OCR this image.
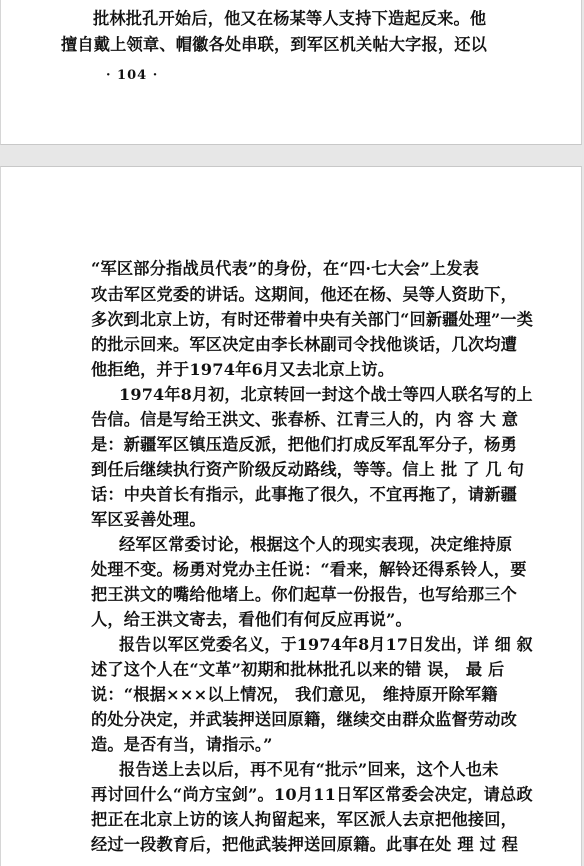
批林批孔开始后，他又在杨某等人支持下造起反来。他
擅自戴上领章、帽徽各处串联，到军区机关帖大字报，还以
· 104 ·
“军区部分指战员代表”的身份，在“四·七大会”上发表
攻击军区党委的讲话。这期间，他还在杨、吴等人资助下，
多次到北京上访，有时还带着中央有关部门“回新疆处理”一类
的批示回来。军区决定由李长林副司令找他谈话，几次均遭
他拒绝，并于1974年6月又去北京上访。
1974年8月初，北京转回一封这个战士等四人联名写的上
告信。信是写给王洪文、张春桥、江青三人的，内 容 大 意
是：新疆军区镇压造反派，把他们打成反军乱军分子，杨勇
到任后继续执行资产阶级反动路线，等等。信上 批 了 几 句
话：中央首长有指示，此事拖了很久，不宜再拖了，请新疆
军区妥善处理。
经军区常委讨论，根据这个人的现实表现，决定维持原
处理不变。杨勇对党办主任说：“看来，解铃还得系铃人，要
把王洪文的嘴给他堵上。你们起草一份报告，也写给那三个
人，给王洪文寄去，看他们有何反应再说”。
报告以军区党委名义，于1974年8月17日发出，详 细 叙
述了这个人在“文革”初期和批林批孔以来的错 误， 最 后
说：“根据×××以上情况， 我们意见， 维持原开除军籍
的处分决定，并武装押送回原籍，继续交由群众监督劳动改
造。是否有当，请指示。”
报告送上去以后，再不见有“批示”回来，这个人也未
再讨回什么“尚方宝剑”。10月11日军区常委会决定，请总政
把正在北京上访的该人拘留起来，军区派人去京把他接回，
经过一段教育后，把他武装押送回原籍。此事在处 理 过 程
